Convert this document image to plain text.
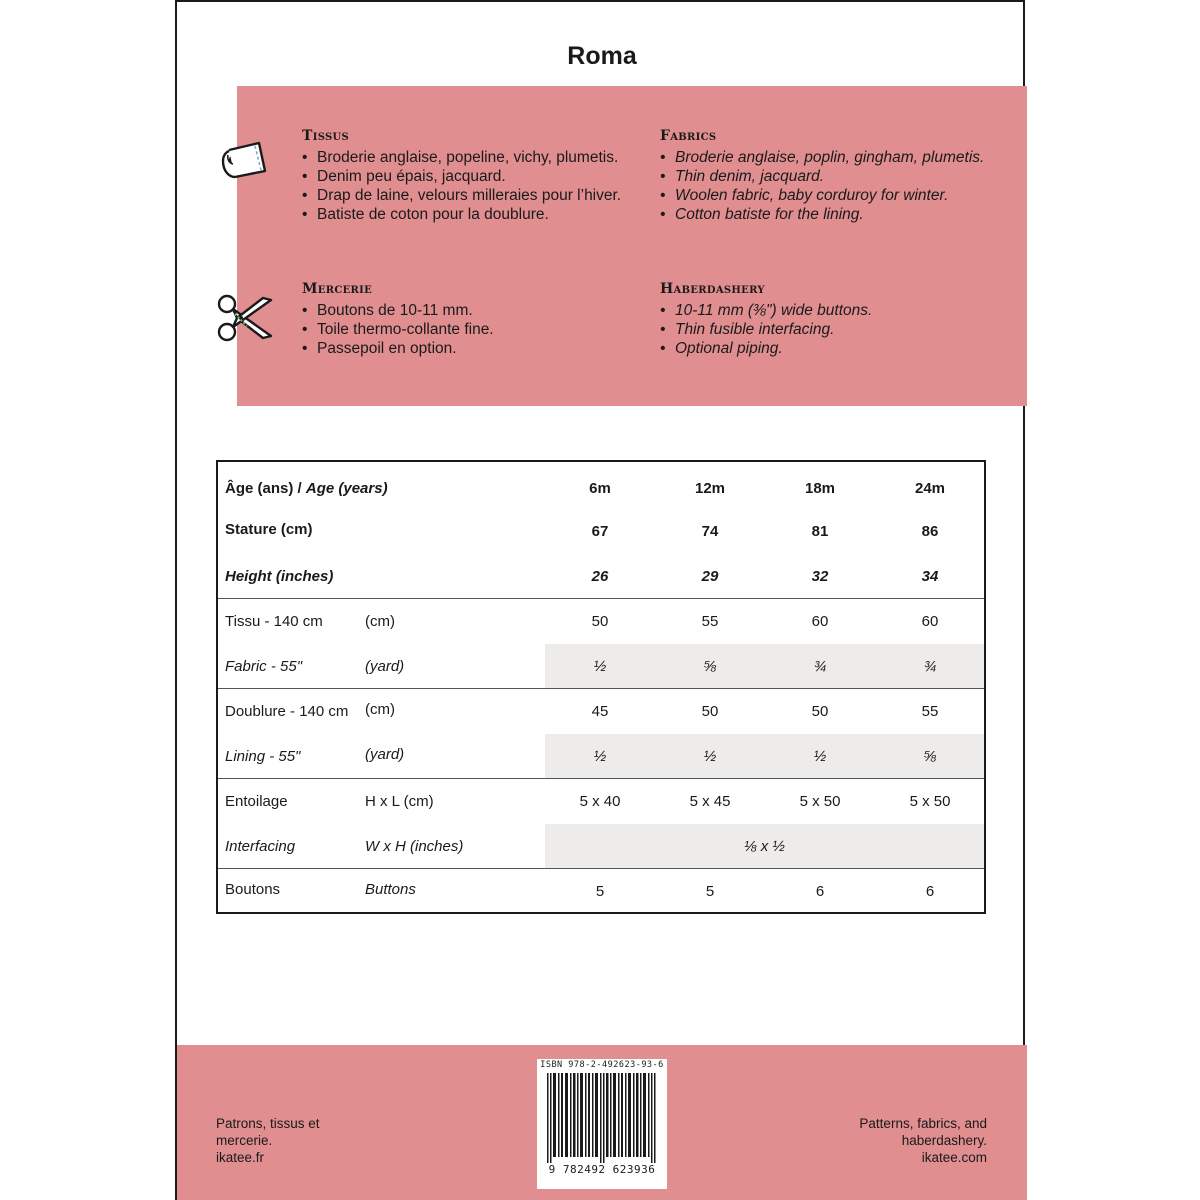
Roma
Tissus
• Broderie anglaise, popeline, vichy, plumetis.
• Denim peu épais, jacquard.
• Drap de laine, velours milleraies pour l’hiver.
• Batiste de coton pour la doublure.
Fabrics
• Broderie anglaise, poplin, gingham, plumetis.
• Thin denim, jacquard.
• Woolen fabric, baby corduroy for winter.
• Cotton batiste for the lining.
Mercerie
• Boutons de 10-11 mm.
• Toile thermo-collante fine.
• Passepoil en option.
Haberdashery
• 10-11 mm (⅜") wide buttons.
• Thin fusible interfacing.
• Optional piping.
Âge (ans) /
Age (years)	6m	12m	18m	24m
Stature (cm)	67	74	81	86
Height (inches)	26	29	32	34
Tissu - 140 cm	(cm)	50	55	60	60
Fabric - 55"	(yard)	½	⅝	¾	¾
Doublure - 140 cm	(cm)	45	50	50	55
Lining - 55"	(yard)	½	½	½	⅝
Entoilage	H x L (cm)	5 x 40	5 x 45	5 x 50	5 x 50
Interfacing	W x H (inches)	⅛ x ½
Boutons	Buttons	5	5	6	6
Patrons, tissus et
mercerie.
ikatee.fr
ISBN 978-2-492623-93-6
9 782492 623936
Patterns, fabrics, and
haberdashery.
ikatee.com
